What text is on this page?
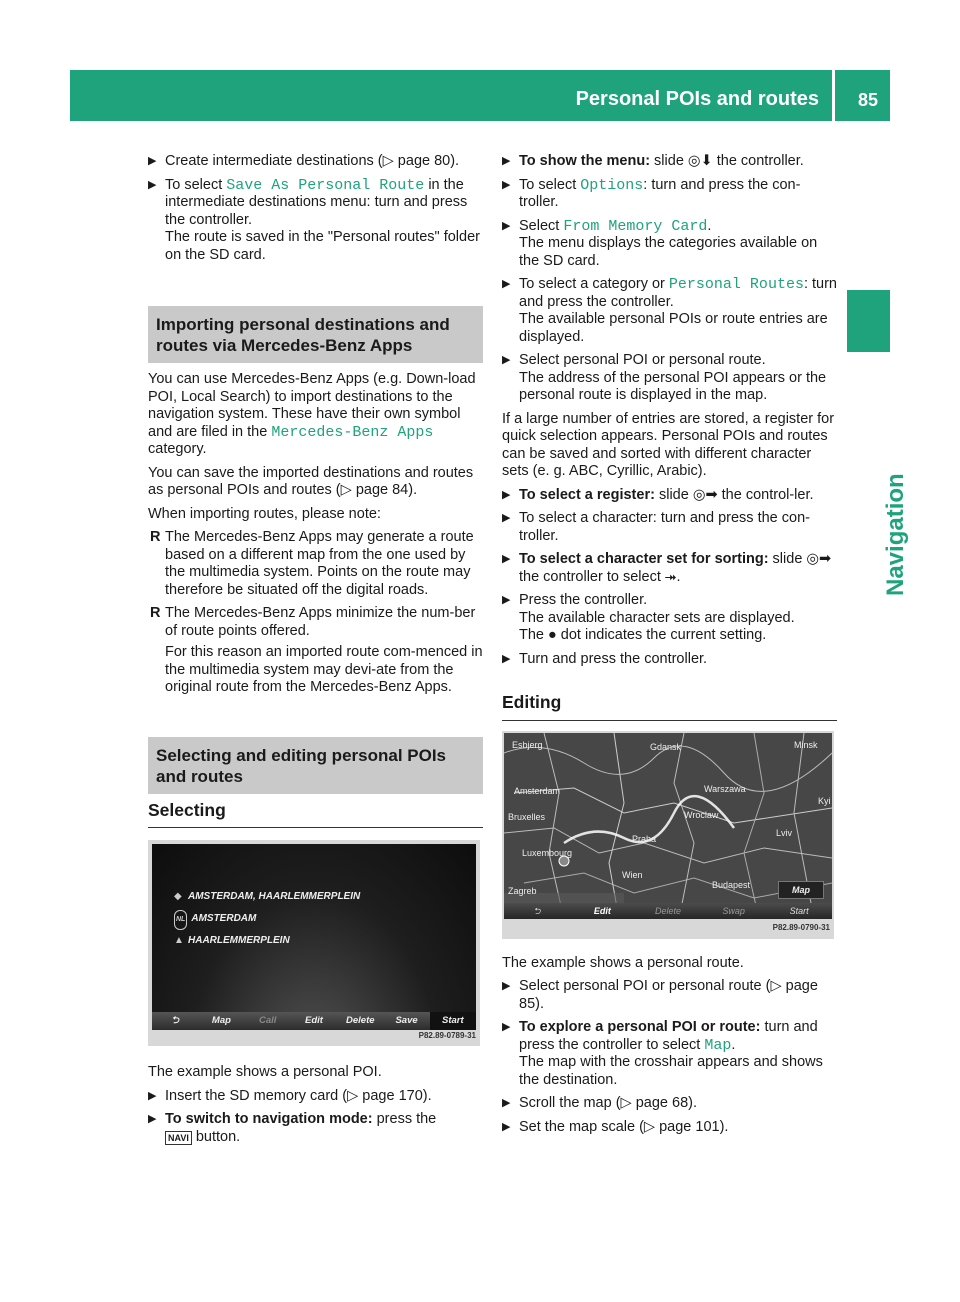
Personal POIs and routes 85
Navigation
▶ Create intermediate destinations (▷ page 80).
▶ To select Save As Personal Route in the intermediate destinations menu: turn and press the controller.
The route is saved in the "Personal routes" folder on the SD card.
Importing personal destinations and routes via Mercedes-Benz Apps
You can use Mercedes-Benz Apps (e.g. Down-load POI, Local Search) to import destinations to the navigation system. These have their own symbol and are filed in the Mercedes-Benz Apps category.
You can save the imported destinations and routes as personal POIs and routes (▷ page 84).
When importing routes, please note:
R The Mercedes-Benz Apps may generate a route based on a different map from the one used by the multimedia system. Points on the route may therefore be situated off the digital roads.
R The Mercedes-Benz Apps minimize the num-ber of route points offered.

For this reason an imported route com-menced in the multimedia system may devi-ate from the original route from the Mercedes-Benz Apps.
Selecting and editing personal POIs and routes
Selecting
◆ AMSTERDAM, HAARLEMMERPLEIN
NL AMSTERDAM
▲ HAARLEMMERPLEIN
⮌	Map	Call	Edit	Delete	Save	Start
P82.89-0789-31
The example shows a personal POI.
▶ Insert the SD memory card (▷ page 170).
▶ To switch to navigation mode: press the
NAVI button.
▶ To show the menu: slide ◎⬇ the controller.
▶ To select Options: turn and press the con-troller.
▶ Select From Memory Card.
The menu displays the categories available on the SD card.
▶ To select a category or Personal Routes: turn and press the controller.
The available personal POIs or route entries are displayed.
▶ Select personal POI or personal route.
The address of the personal POI appears or the personal route is displayed in the map.
If a large number of entries are stored, a register for quick selection appears. Personal POIs and routes can be saved and sorted with different character sets (e. g. ABC, Cyrillic, Arabic).
▶ To select a register: slide ◎➡ the control-ler.
▶ To select a character: turn and press the con-troller.
▶ To select a character set for sorting: slide ◎➡ the controller to select ⯮.
▶ Press the controller.
The available character sets are displayed.
The ● dot indicates the current setting.
▶ Turn and press the controller.
Editing
Esbjerg	Gdansk	Minsk
Amsterdam	Warszawa
Bruxelles	Wroclaw
Kyi
Luxembourg
Praha
Lviv
Wien
Budapest
Zagreb	Map
⮌	Edit	Delete	Swap	Start
P82.89-0790-31
The example shows a personal route.
▶ Select personal POI or personal route (▷ page 85).
▶ To explore a personal POI or route: turn and press the controller to select Map.
The map with the crosshair appears and shows the destination.
▶ Scroll the map (▷ page 68).
▶ Set the map scale (▷ page 101).
